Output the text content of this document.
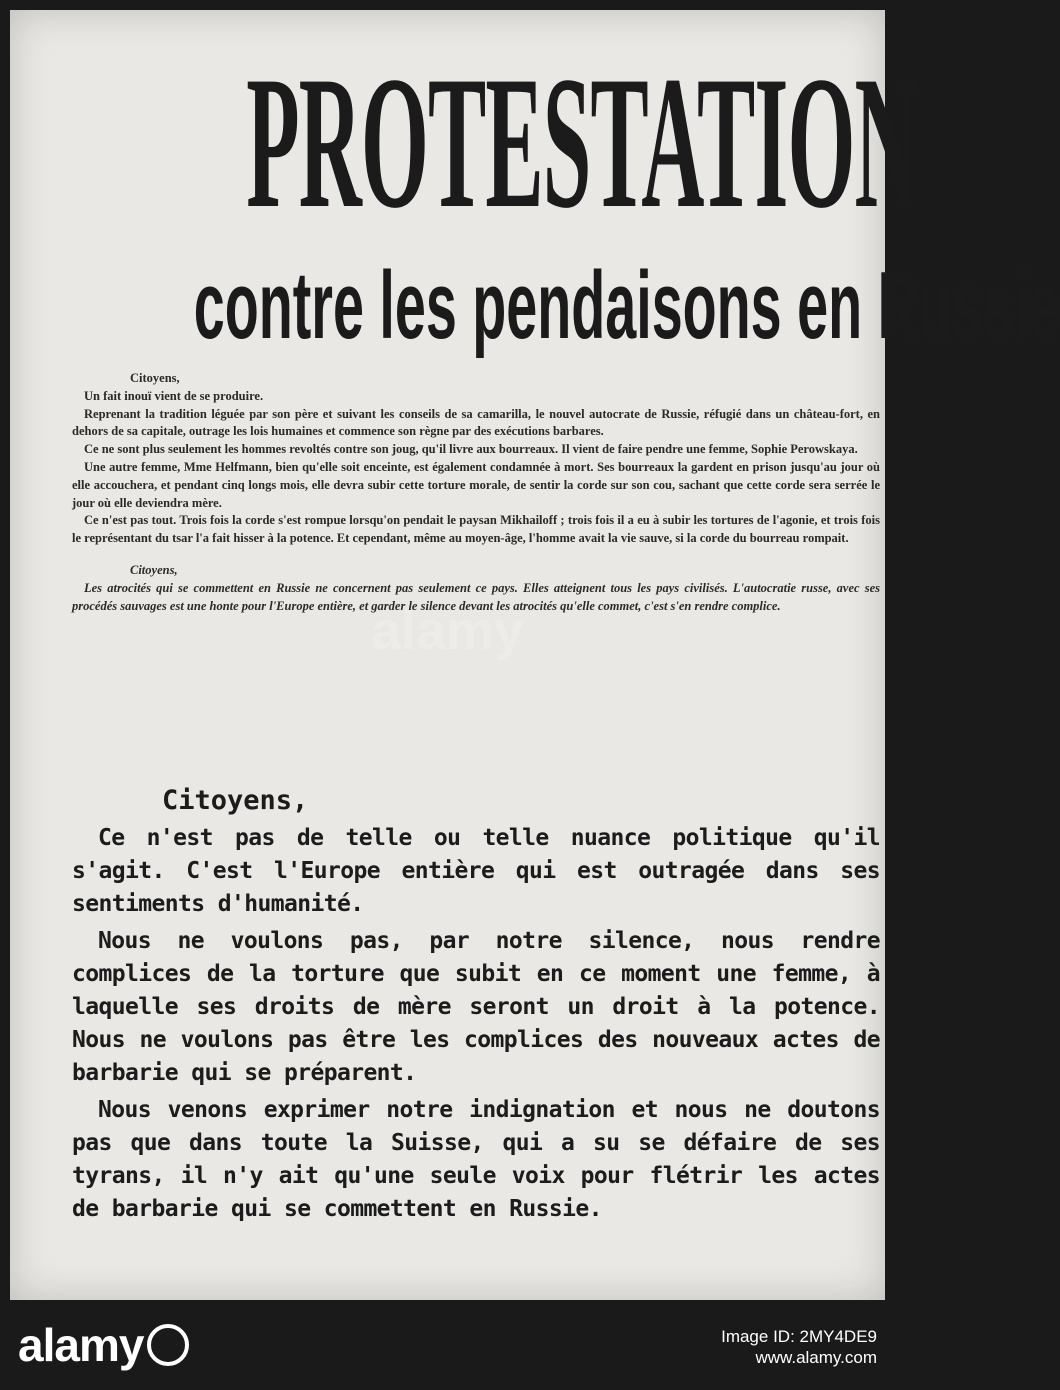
PROTESTATION
contre les pendaisons en Russie

Citoyens,

Un fait inouï vient de se produire.

Reprenant la tradition léguée par son père et suivant les conseils de sa camarilla, le nouvel autocrate de Russie, réfugié dans un château-fort, en dehors de sa capitale, outrage les lois humaines et commence son règne par des exécutions barbares.

Ce ne sont plus seulement les hommes revoltés contre son joug, qu'il livre aux bourreaux. Il vient de faire pendre une femme, Sophie Perowskaya.

Une autre femme, Mme Helfmann, bien qu'elle soit enceinte, est également condamnée à mort. Ses bourreaux la gardent en prison jusqu'au jour où elle accouchera, et pendant cinq longs mois, elle devra subir cette torture morale, de sentir la corde sur son cou, sachant que cette corde sera serrée le jour où elle deviendra mère.

Ce n'est pas tout. Trois fois la corde s'est rompue lorsqu'on pendait le paysan Mikhailoff ; trois fois il a eu à subir les tortures de l'agonie, et trois fois le représentant du tsar l'a fait hisser à la potence. Et cependant, même au moyen-âge, l'homme avait la vie sauve, si la corde du bourreau rompait.

Citoyens,

Les atrocités qui se commettent en Russie ne concernent pas seulement ce pays. Elles atteignent tous les pays civilisés. L'autocratie russe, avec ses procédés sauvages est une honte pour l'Europe entière, et garder le silence devant les atrocités qu'elle commet, c'est s'en rendre complice.

Citoyens,

Ce n'est pas de telle ou telle nuance politique qu'il s'agit. C'est l'Europe entière qui est outragée dans ses sentiments d'humanité.

Nous ne voulons pas, par notre silence, nous rendre complices de la torture que subit en ce moment une femme, à laquelle ses droits de mère seront un droit à la potence. Nous ne voulons pas être les complices des nouveaux actes de barbarie qui se préparent.

Nous venons exprimer notre indignation et nous ne doutons pas que dans toute la Suisse, qui a su se défaire de ses tyrans, il n'y ait qu'une seule voix pour flétrir les actes de barbarie qui se commettent en Russie.

alamy
alamy	Image ID: 2MY4DE9
www.alamy.com
